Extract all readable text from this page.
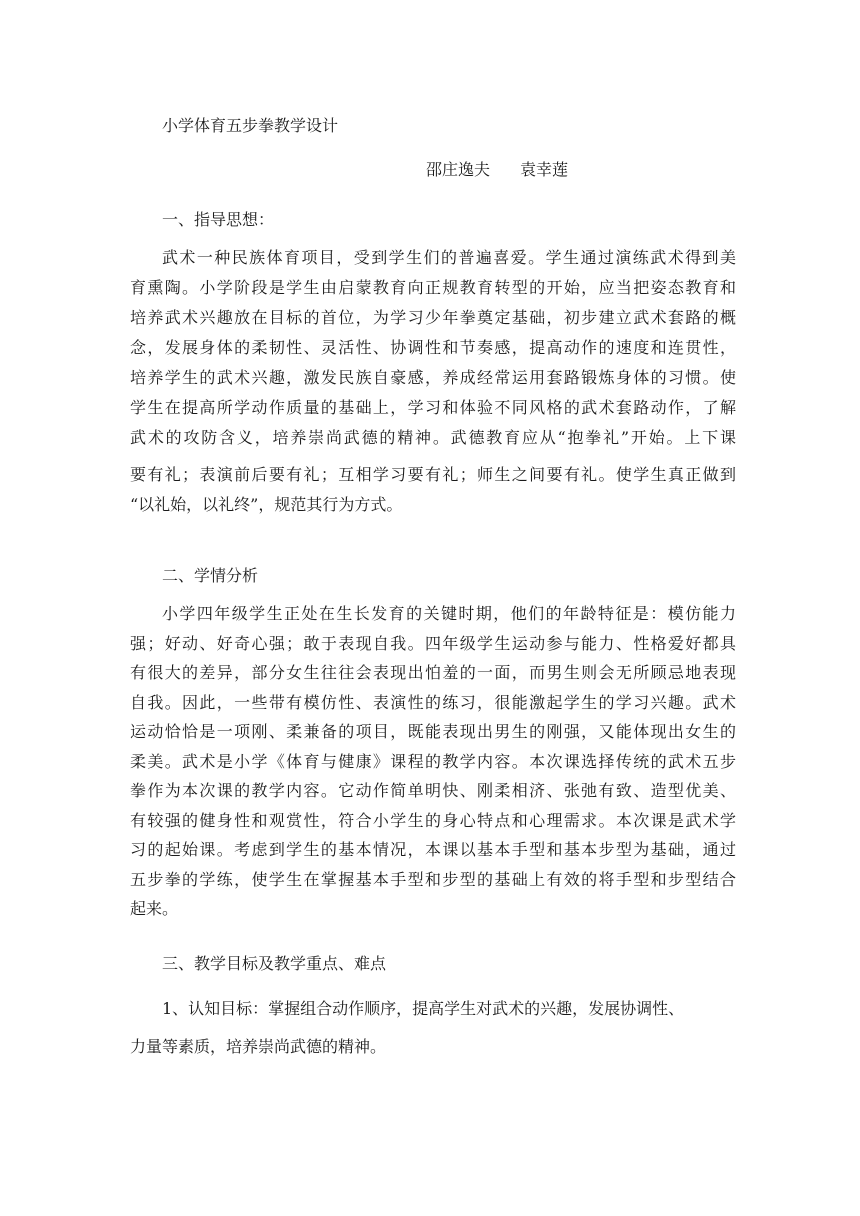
小学体育五步拳教学设计
邵庄逸夫 袁幸莲
一、指导思想：
武术一种民族体育项目，受到学生们的普遍喜爱。学生通过演练武术得到美
育熏陶。小学阶段是学生由启蒙教育向正规教育转型的开始，应当把姿态教育和
培养武术兴趣放在目标的首位，为学习少年拳奠定基础，初步建立武术套路的概
念，发展身体的柔韧性、灵活性、协调性和节奏感，提高动作的速度和连贯性，
培养学生的武术兴趣，激发民族自豪感，养成经常运用套路锻炼身体的习惯。使
学生在提高所学动作质量的基础上，学习和体验不同风格的武术套路动作，了解
武术的攻防含义，培养崇尚武德的精神。武德教育应从“抱拳礼”开始。上下课
要有礼；表演前后要有礼；互相学习要有礼；师生之间要有礼。使学生真正做到
“以礼始，以礼终”，规范其行为方式。
二、学情分析
小学四年级学生正处在生长发育的关键时期，他们的年龄特征是：模仿能力
强；好动、好奇心强；敢于表现自我。四年级学生运动参与能力、性格爱好都具
有很大的差异，部分女生往往会表现出怕羞的一面，而男生则会无所顾忌地表现
自我。因此，一些带有模仿性、表演性的练习，很能激起学生的学习兴趣。武术
运动恰恰是一项刚、柔兼备的项目，既能表现出男生的刚强，又能体现出女生的
柔美。武术是小学《体育与健康》课程的教学内容。本次课选择传统的武术五步
拳作为本次课的教学内容。它动作简单明快、刚柔相济、张弛有致、造型优美、
有较强的健身性和观赏性，符合小学生的身心特点和心理需求。本次课是武术学
习的起始课。考虑到学生的基本情况，本课以基本手型和基本步型为基础，通过
五步拳的学练，使学生在掌握基本手型和步型的基础上有效的将手型和步型结合
起来。
三、教学目标及教学重点、难点
1、认知目标：掌握组合动作顺序，提高学生对武术的兴趣，发展协调性、
力量等素质，培养崇尚武德的精神。
